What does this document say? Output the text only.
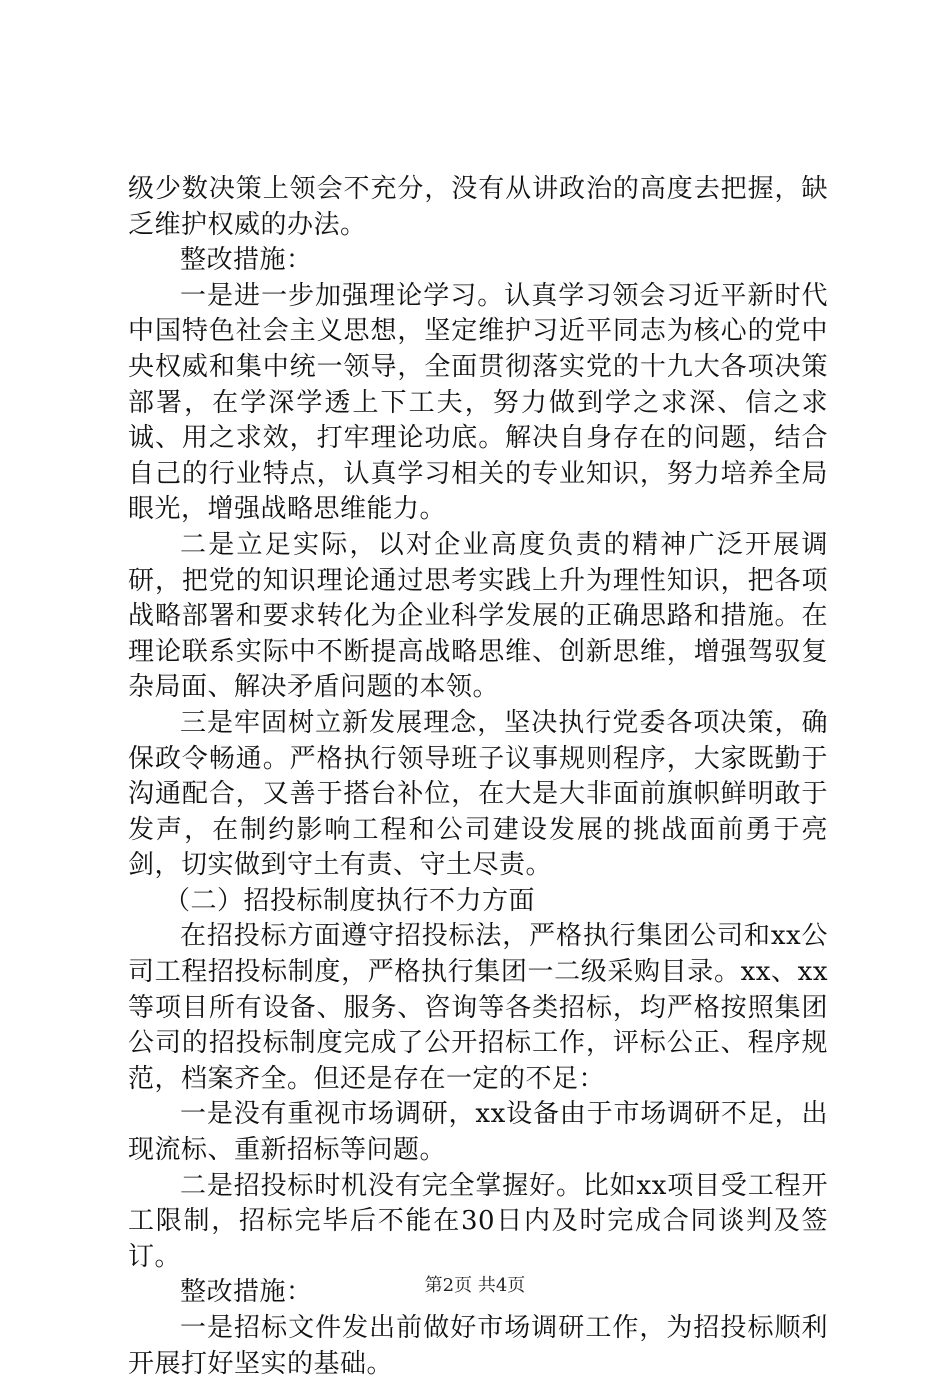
级少数决策上领会不充分，没有从讲政治的高度去把握，缺乏维护权威的办法。

整改措施：

一是进一步加强理论学习。认真学习领会习近平新时代中国特色社会主义思想，坚定维护习近平同志为核心的党中央权威和集中统一领导，全面贯彻落实党的十九大各项决策部署，在学深学透上下工夫，努力做到学之求深、信之求诚、用之求效，打牢理论功底。解决自身存在的问题，结合自己的行业特点，认真学习相关的专业知识，努力培养全局眼光，增强战略思维能力。

二是立足实际，以对企业高度负责的精神广泛开展调研，把党的知识理论通过思考实践上升为理性知识，把各项战略部署和要求转化为企业科学发展的正确思路和措施。在理论联系实际中不断提高战略思维、创新思维，增强驾驭复杂局面、解决矛盾问题的本领。

三是牢固树立新发展理念，坚决执行党委各项决策，确保政令畅通。严格执行领导班子议事规则程序，大家既勤于沟通配合，又善于搭台补位，在大是大非面前旗帜鲜明敢于发声，在制约影响工程和公司建设发展的挑战面前勇于亮剑，切实做到守土有责、守土尽责。

（二）招投标制度执行不力方面

在招投标方面遵守招投标法，严格执行集团公司和xx公司工程招投标制度，严格执行集团一二级采购目录。xx、xx等项目所有设备、服务、咨询等各类招标，均严格按照集团公司的招投标制度完成了公开招标工作，评标公正、程序规范，档案齐全。但还是存在一定的不足：

一是没有重视市场调研，xx设备由于市场调研不足，出现流标、重新招标等问题。

二是招投标时机没有完全掌握好。比如xx项目受工程开工限制，招标完毕后不能在30日内及时完成合同谈判及签订。

整改措施：

一是招标文件发出前做好市场调研工作，为招投标顺利开展打好坚实的基础。

第2页 共4页
